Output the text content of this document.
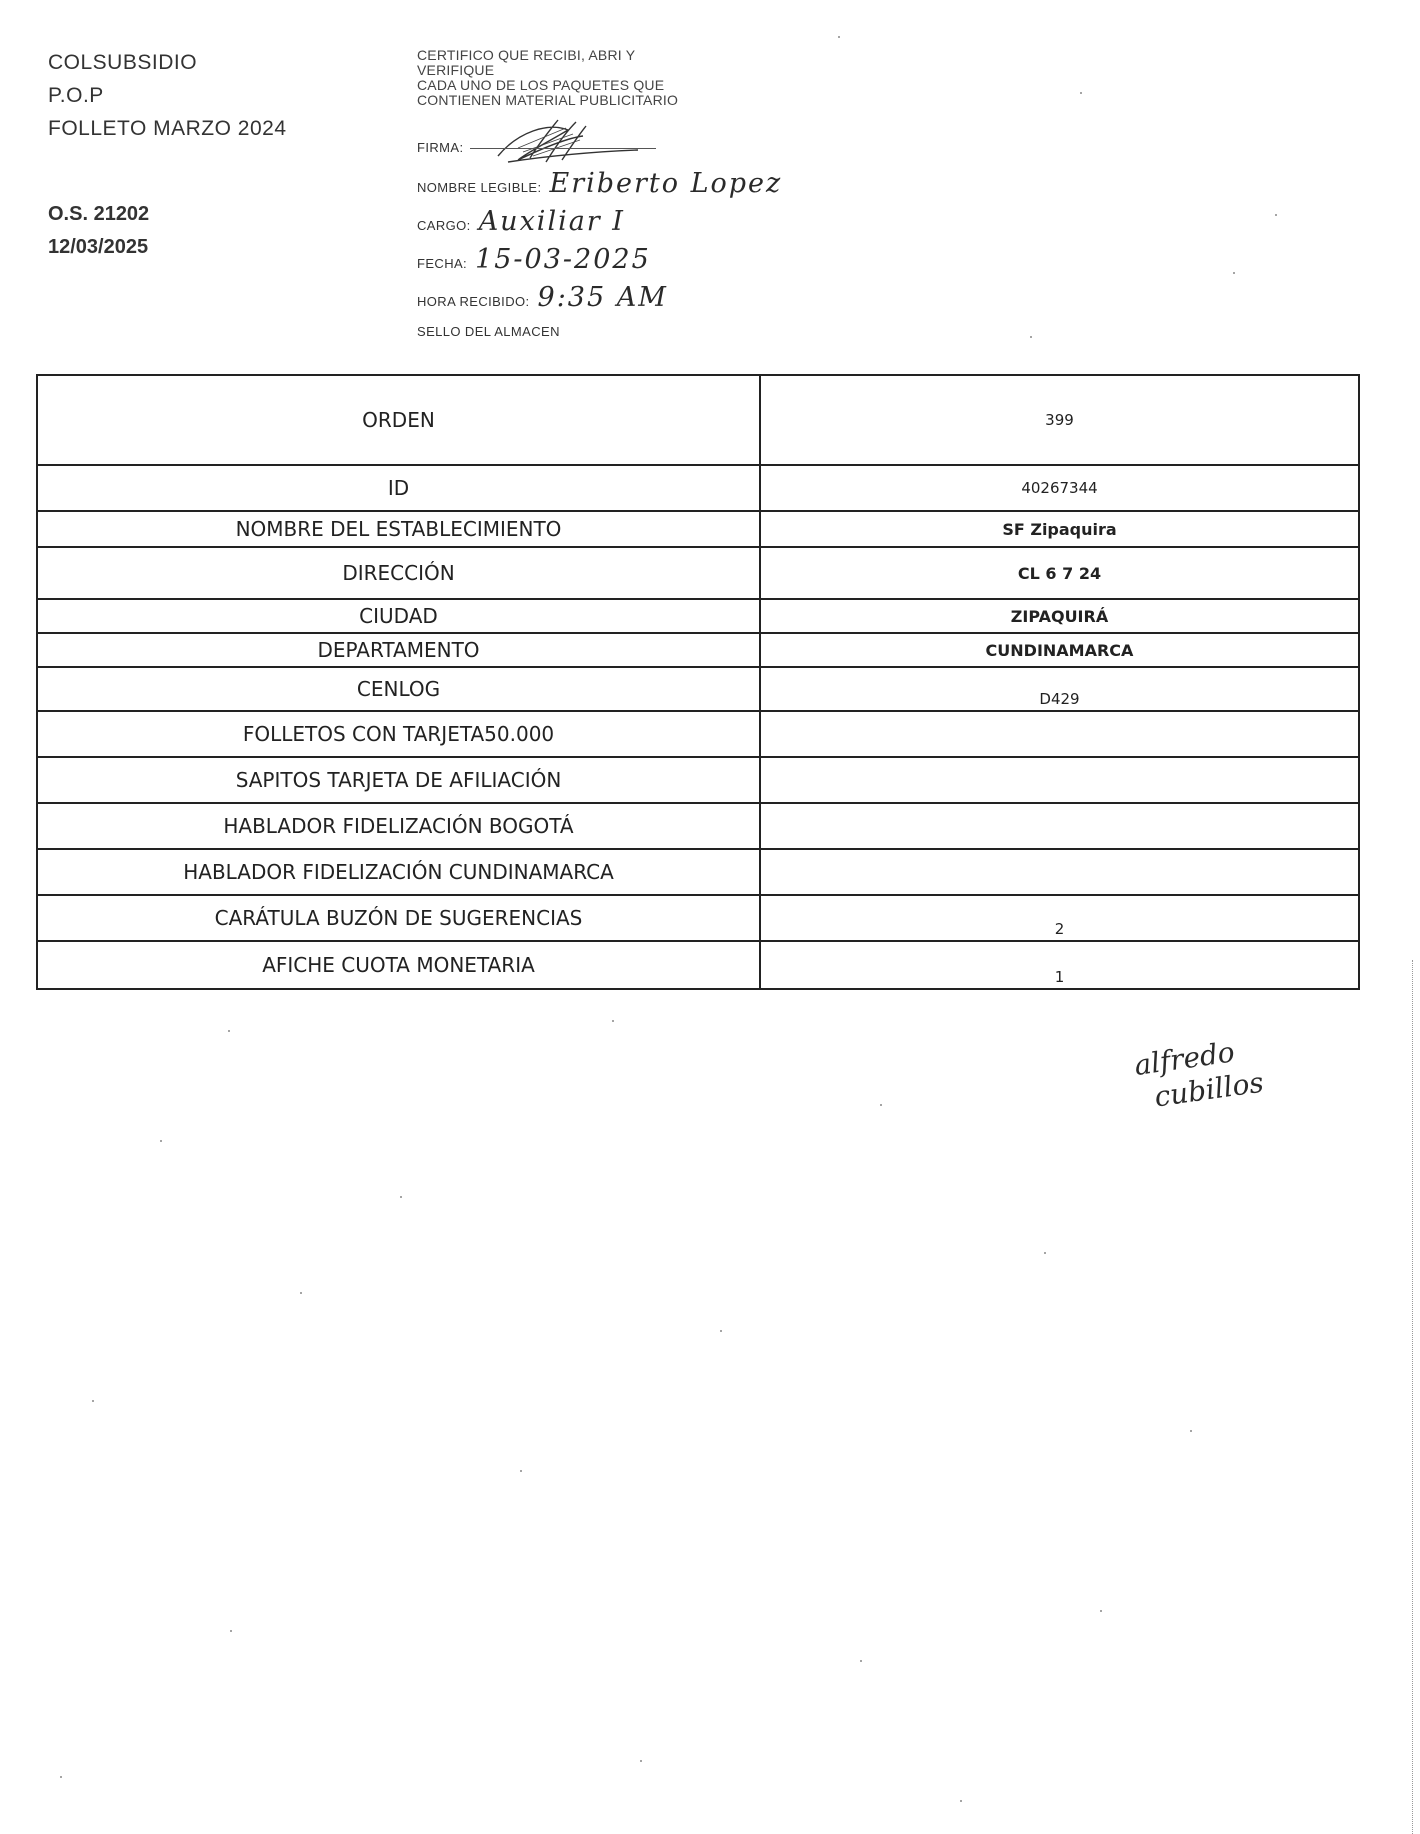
COLSUBSIDIO
P.O.P
FOLLETO MARZO 2024
O.S. 21202
12/03/2025
CERTIFICO QUE RECIBI, ABRI Y
VERIFIQUE
CADA UNO DE LOS PAQUETES QUE
CONTIENEN MATERIAL PUBLICITARIO
FIRMA:
NOMBRE LEGIBLE: Eriberto Lopez
CARGO: Auxiliar I
FECHA: 15-03-2025
HORA RECIBIDO: 9:35 AM
SELLO DEL ALMACEN
ORDEN	399
ID	40267344
NOMBRE DEL ESTABLECIMIENTO	SF Zipaquira
DIRECCIÓN	CL 6 7 24
CIUDAD	ZIPAQUIRÁ
DEPARTAMENTO	CUNDINAMARCA
CENLOG	D429
FOLLETOS CON TARJETA50.000
SAPITOS TARJETA DE AFILIACIÓN
HABLADOR FIDELIZACIÓN BOGOTÁ
HABLADOR FIDELIZACIÓN CUNDINAMARCA
CARÁTULA BUZÓN DE SUGERENCIAS	2
AFICHE CUOTA MONETARIA	1
alfredo
cubillos
